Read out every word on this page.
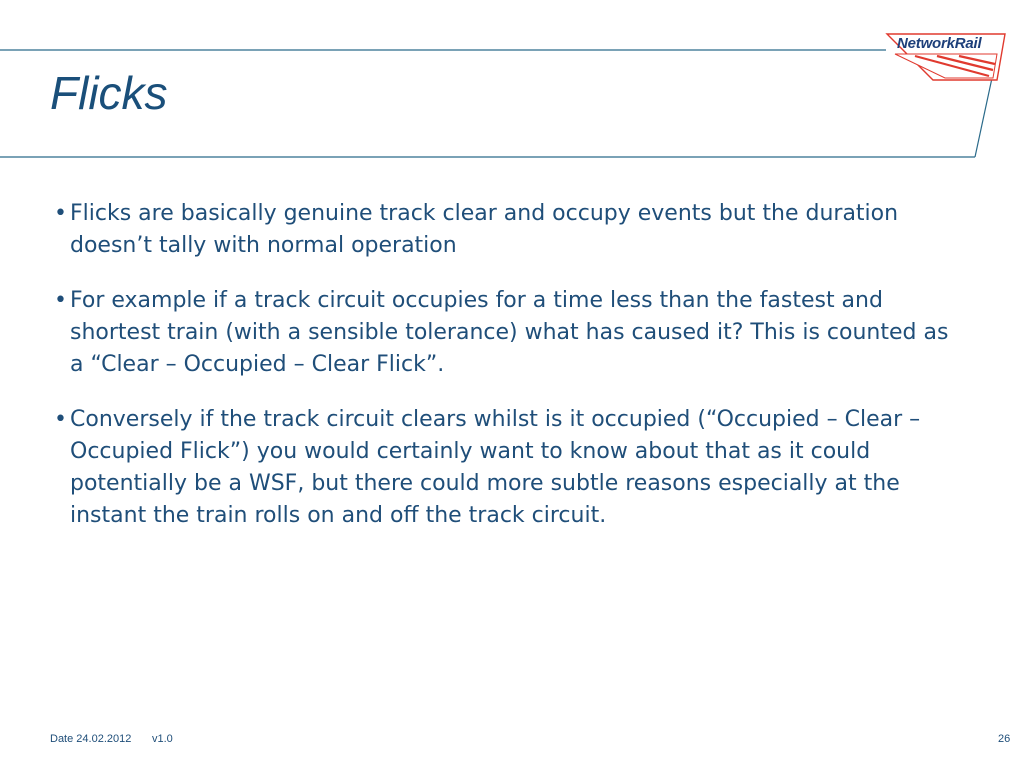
Flicks
NetworkRail
• Flicks are basically genuine track clear and occupy events but the duration doesn’t tally with normal operation
• For example if a track circuit occupies for a time less than the fastest and shortest train (with a sensible tolerance) what has caused it? This is counted as a “Clear – Occupied – Clear Flick”.
• Conversely if the track circuit clears whilst is it occupied (“Occupied – Clear – Occupied Flick”) you would certainly want to know about that as it could potentially be a WSF, but there could more subtle reasons especially at the instant the train rolls on and off the track circuit.
Date 24.02.2012 v1.0	26
